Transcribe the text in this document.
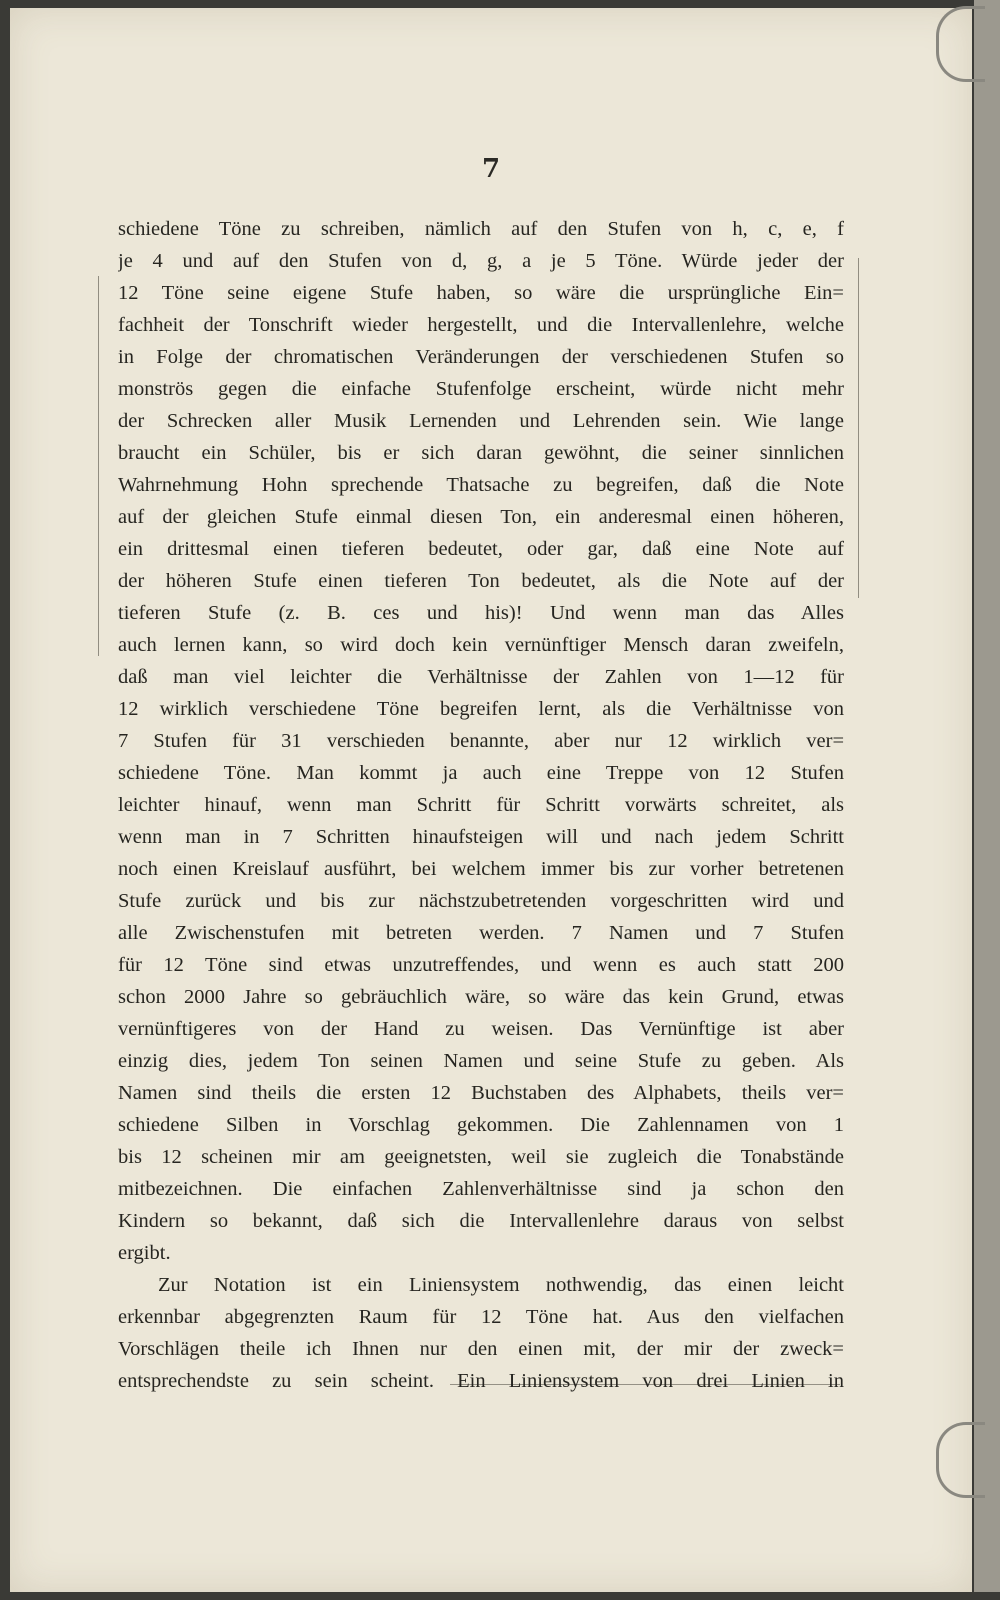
7
schiedene Töne zu schreiben, nämlich auf den Stufen von h, c, e, f
je 4 und auf den Stufen von d, g, a je 5 Töne. Würde jeder der
12 Töne seine eigene Stufe haben, so wäre die ursprüngliche Ein=
fachheit der Tonschrift wieder hergestellt, und die Intervallenlehre, welche
in Folge der chromatischen Veränderungen der verschiedenen Stufen so
monströs gegen die einfache Stufenfolge erscheint, würde nicht mehr
der Schrecken aller Musik Lernenden und Lehrenden sein. Wie lange
braucht ein Schüler, bis er sich daran gewöhnt, die seiner sinnlichen
Wahrnehmung Hohn sprechende Thatsache zu begreifen, daß die Note
auf der gleichen Stufe einmal diesen Ton, ein anderesmal einen höheren,
ein drittesmal einen tieferen bedeutet, oder gar, daß eine Note auf
der höheren Stufe einen tieferen Ton bedeutet, als die Note auf der
tieferen Stufe (z. B. ces und his)! Und wenn man das Alles
auch lernen kann, so wird doch kein vernünftiger Mensch daran zweifeln,
daß man viel leichter die Verhältnisse der Zahlen von 1—12 für
12 wirklich verschiedene Töne begreifen lernt, als die Verhältnisse von
7 Stufen für 31 verschieden benannte, aber nur 12 wirklich ver=
schiedene Töne. Man kommt ja auch eine Treppe von 12 Stufen
leichter hinauf, wenn man Schritt für Schritt vorwärts schreitet, als
wenn man in 7 Schritten hinaufsteigen will und nach jedem Schritt
noch einen Kreislauf ausführt, bei welchem immer bis zur vorher betretenen
Stufe zurück und bis zur nächstzubetretenden vorgeschritten wird und
alle Zwischenstufen mit betreten werden. 7 Namen und 7 Stufen
für 12 Töne sind etwas unzutreffendes, und wenn es auch statt 200
schon 2000 Jahre so gebräuchlich wäre, so wäre das kein Grund, etwas
vernünftigeres von der Hand zu weisen. Das Vernünftige ist aber
einzig dies, jedem Ton seinen Namen und seine Stufe zu geben. Als
Namen sind theils die ersten 12 Buchstaben des Alphabets, theils ver=
schiedene Silben in Vorschlag gekommen. Die Zahlennamen von 1
bis 12 scheinen mir am geeignetsten, weil sie zugleich die Tonabstände
mitbezeichnen. Die einfachen Zahlenverhältnisse sind ja schon den
Kindern so bekannt, daß sich die Intervallenlehre daraus von selbst
ergibt.
Zur Notation ist ein Liniensystem nothwendig, das einen leicht
erkennbar abgegrenzten Raum für 12 Töne hat. Aus den vielfachen
Vorschlägen theile ich Ihnen nur den einen mit, der mir der zweck=
entsprechendste zu sein scheint. Ein Liniensystem von drei Linien in
